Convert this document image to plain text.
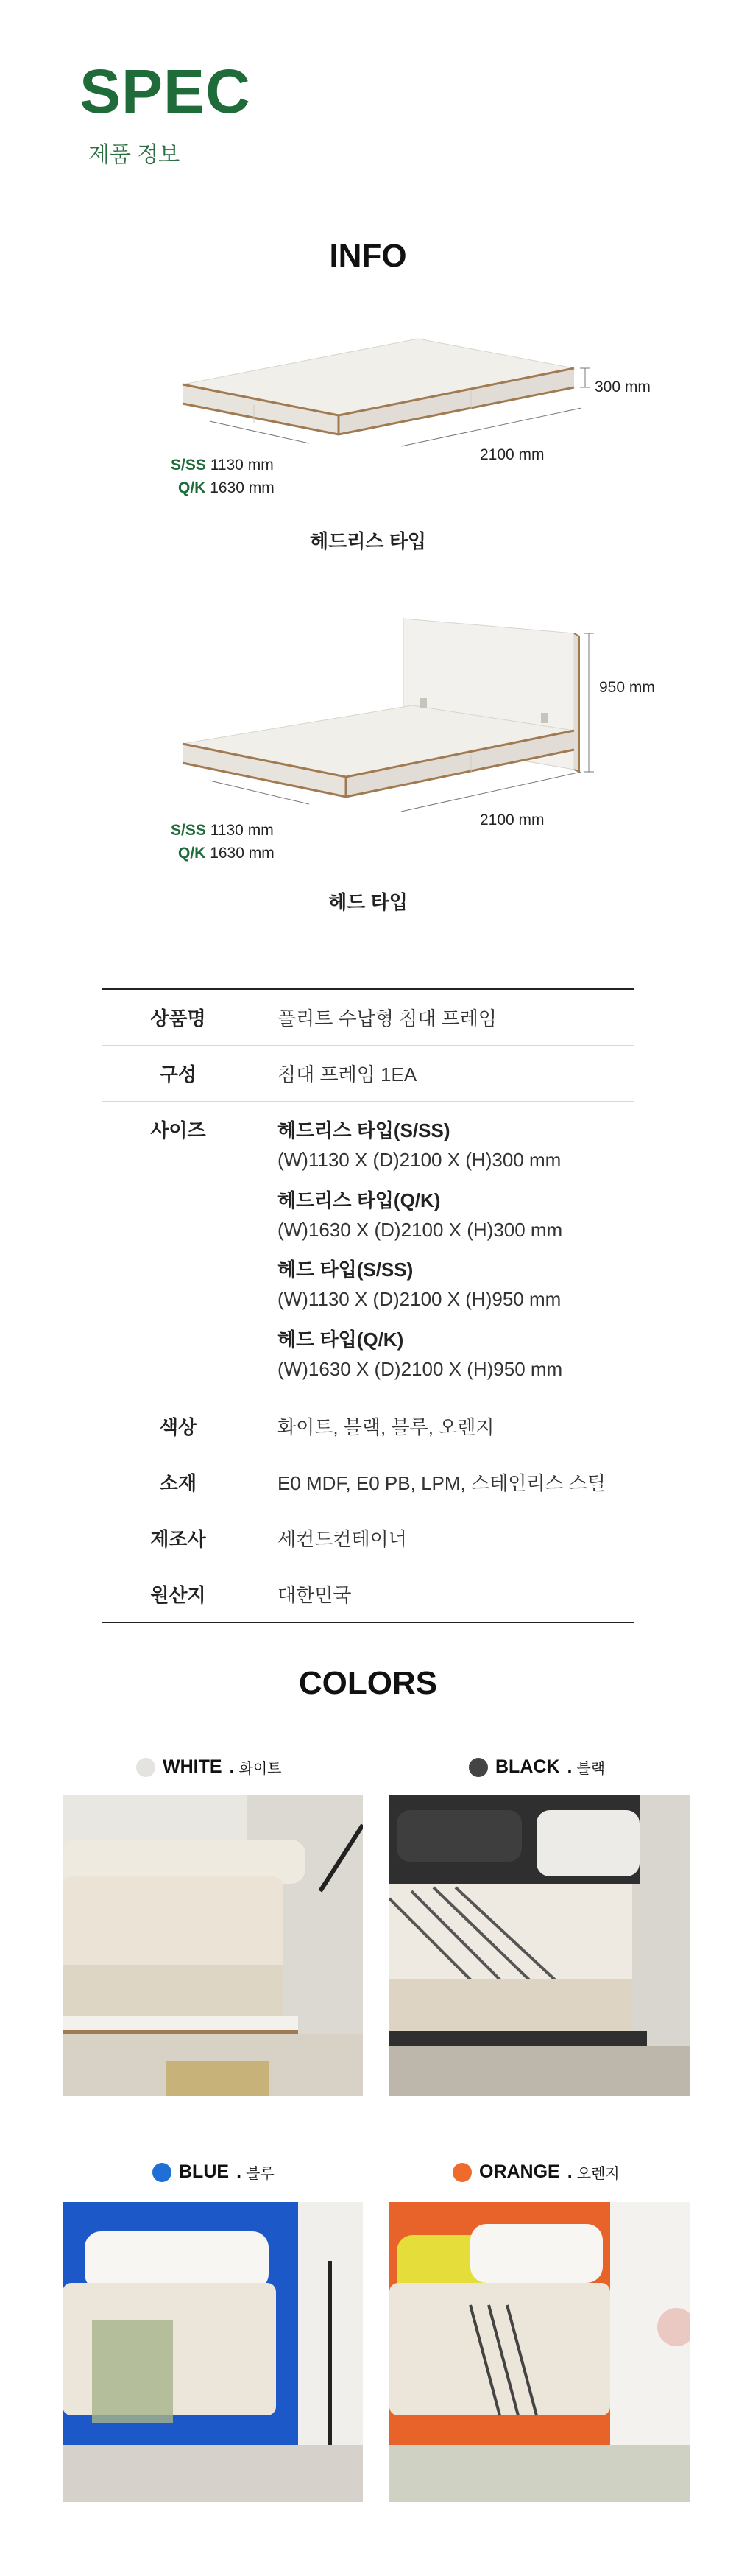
SPEC
제품 정보
INFO
300 mm
2100 mm
S/SS 1130 mm
Q/K 1630 mm
헤드리스 타입
950 mm
2100 mm
S/SS 1130 mm
Q/K 1630 mm
헤드 타입
상품명	플리트 수납형 침대 프레임
구성	침대 프레임 1EA
사이즈	헤드리스 타입(S/SS)
(W)1130 X (D)2100 X (H)300 mm
헤드리스 타입(Q/K)
(W)1630 X (D)2100 X (H)300 mm
헤드 타입(S/SS)
(W)1130 X (D)2100 X (H)950 mm
헤드 타입(Q/K)
(W)1630 X (D)2100 X (H)950 mm
색상	화이트, 블랙, 블루, 오렌지
소재	E0 MDF, E0 PB, LPM, 스테인리스 스틸
제조사	세컨드컨테이너
원산지	대한민국
COLORS
WHITE . 화이트	BLACK . 블랙
BLUE . 블루	ORANGE . 오렌지
